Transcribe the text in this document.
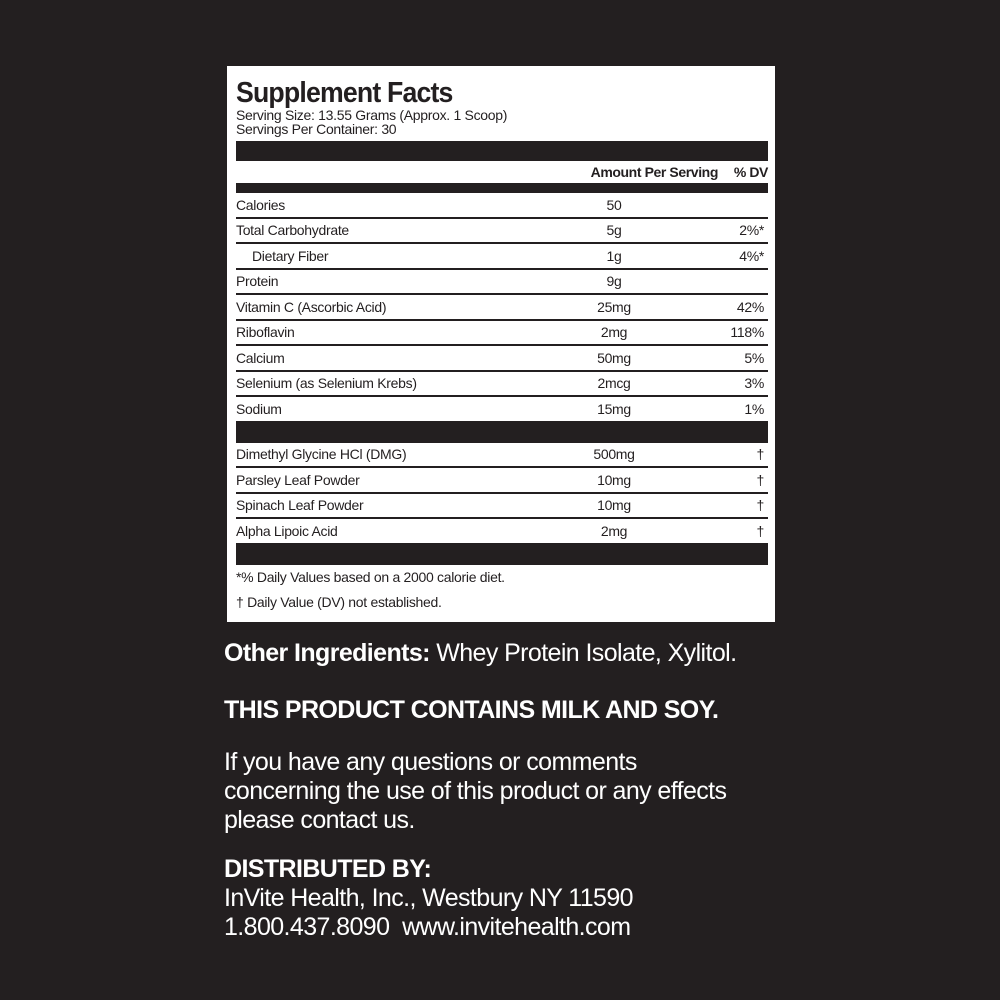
Supplement Facts
Serving Size: 13.55 Grams (Approx. 1 Scoop)
Servings Per Container: 30
Amount Per Serving	% DV
Calories	50
Total Carbohydrate	5g	2%*
Dietary Fiber	1g	4%*
Protein	9g
Vitamin C (Ascorbic Acid)	25mg	42%
Riboflavin	2mg	118%
Calcium	50mg	5%
Selenium (as Selenium Krebs)	2mcg	3%
Sodium	15mg	1%
Dimethyl Glycine HCl (DMG)	500mg	†
Parsley Leaf Powder	10mg	†
Spinach Leaf Powder	10mg	†
Alpha Lipoic Acid	2mg	†
*% Daily Values based on a 2000 calorie diet.
† Daily Value (DV) not established.

Other Ingredients: Whey Protein Isolate, Xylitol.

THIS PRODUCT CONTAINS MILK AND SOY.

If you have any questions or comments

concerning the use of this product or any effects

please contact us.

DISTRIBUTED BY:

InVite Health, Inc., Westbury NY 11590

1.800.437.8090  www.invitehealth.com
